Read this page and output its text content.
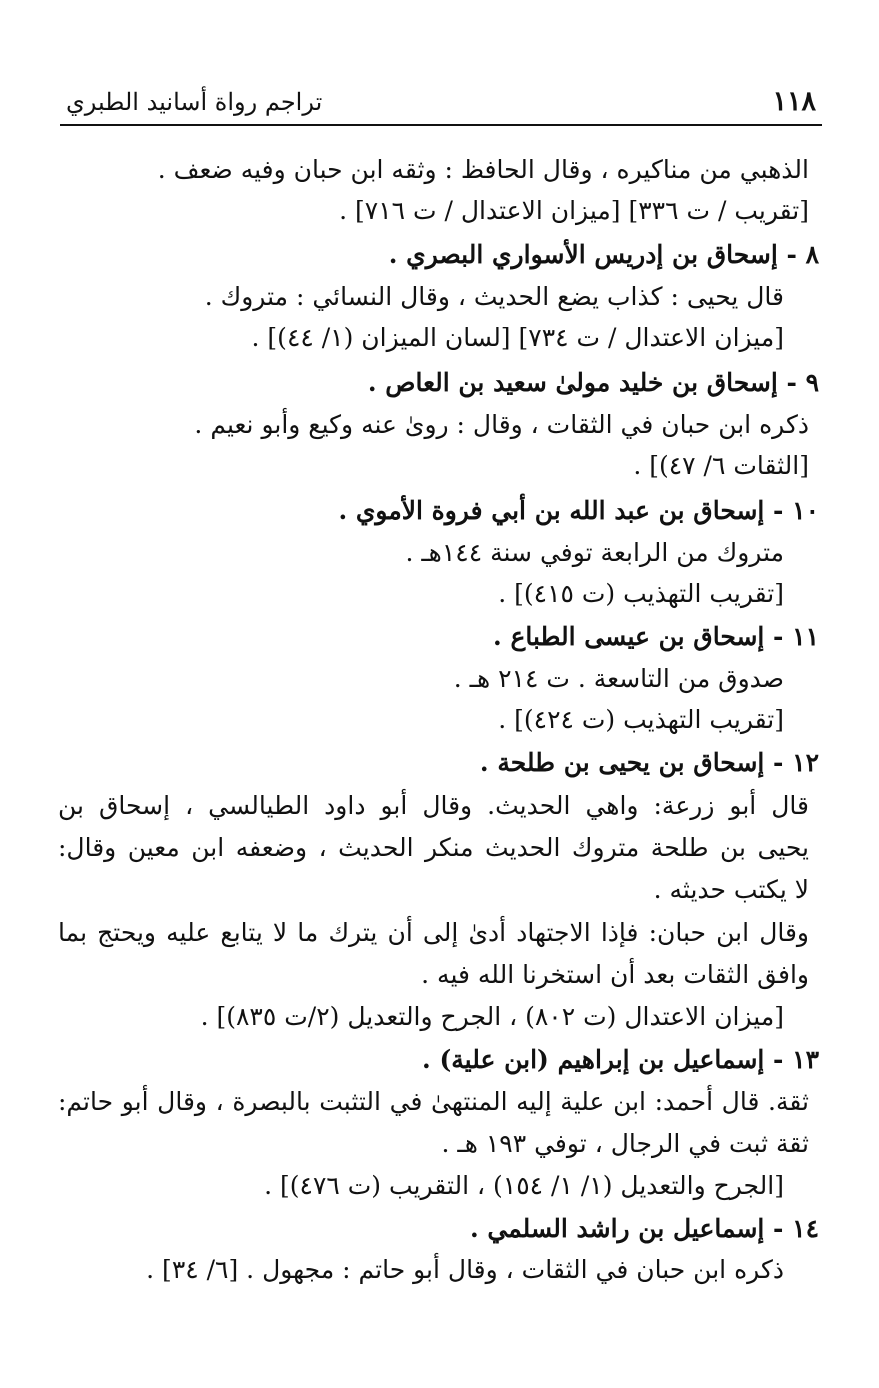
١١٨
تراجم رواة أسانيد الطبري
الذهبي من مناكيره ، وقال الحافظ : وثقه ابن حبان وفيه ضعف .
[تقريب / ت ٣٣٦] [ميزان الاعتدال / ت ٧١٦] .
٨ - إسحاق بن إدريس الأسواري البصري .
قال يحيى : كذاب يضع الحديث ، وقال النسائي : متروك .
[ميزان الاعتدال / ت ٧٣٤] [لسان الميزان (١/ ٤٤)] .
٩ - إسحاق بن خليد مولىٰ سعيد بن العاص .
ذكره ابن حبان في الثقات ، وقال : روىٰ عنه وكيع وأبو نعيم .
[الثقات ٦/ ٤٧)] .
١٠ - إسحاق بن عبد الله بن أبي فروة الأموي .
متروك من الرابعة توفي سنة ١٤٤هـ .
[تقريب التهذيب (ت ٤١٥)] .
١١ - إسحاق بن عيسى الطباع .
صدوق من التاسعة . ت ٢١٤ هـ .
[تقريب التهذيب (ت ٤٢٤)] .
١٢ - إسحاق بن يحيى بن طلحة .
قال أبو زرعة: واهي الحديث. وقال أبو داود الطيالسي ، إسحاق بن
يحيى بن طلحة متروك الحديث منكر الحديث ، وضعفه ابن معين وقال:
لا يكتب حديثه .
وقال ابن حبان: فإذا الاجتهاد أدىٰ إلى أن يترك ما لا يتابع عليه ويحتج بما
وافق الثقات بعد أن استخرنا الله فيه .
[ميزان الاعتدال (ت ٨٠٢) ، الجرح والتعديل (٢/ت ٨٣٥)] .
١٣ - إسماعيل بن إبراهيم (ابن علية) .
ثقة. قال أحمد: ابن علية إليه المنتهىٰ في التثبت بالبصرة ، وقال أبو حاتم:
ثقة ثبت في الرجال ، توفي ١٩٣ هـ .
[الجرح والتعديل (١/ ١/ ١٥٤) ، التقريب (ت ٤٧٦)] .
١٤ - إسماعيل بن راشد السلمي .
ذكره ابن حبان في الثقات ، وقال أبو حاتم : مجهول . [٦/ ٣٤] .
